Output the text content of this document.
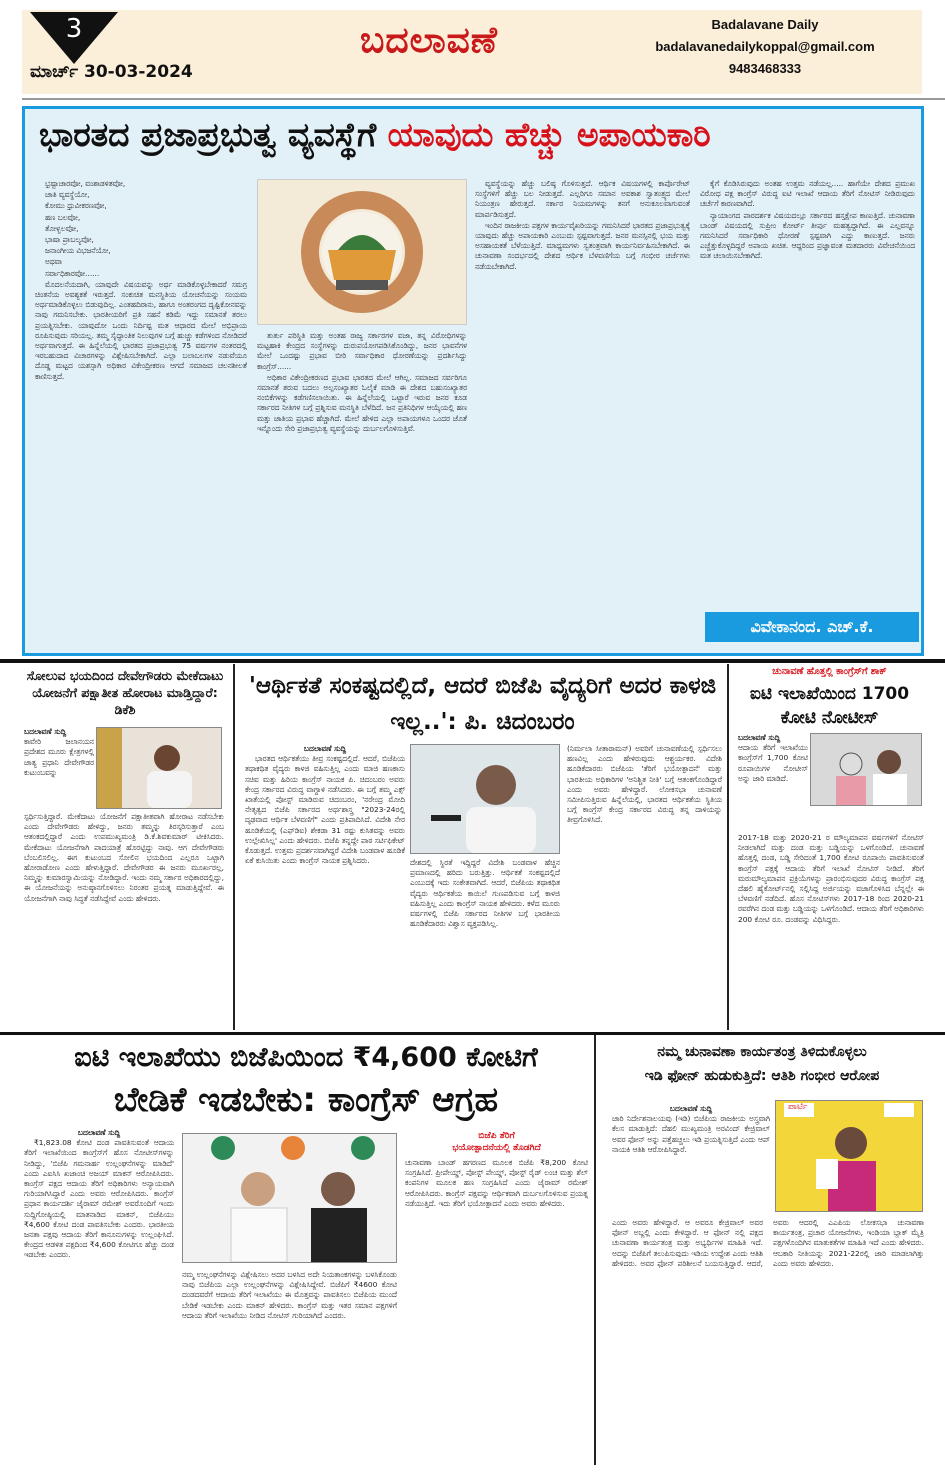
3
ಮಾರ್ಚ್ 30-03-2024
ಬದಲಾವಣೆ	Badalavane Daily
badalavanedailykoppal@gmail.com
9483468333
ಭಾರತದ ಪ್ರಜಾಪ್ರಭುತ್ವ ವ್ಯವಸ್ಥೆಗೆ ಯಾವುದು ಹೆಚ್ಚು ಅಪಾಯಕಾರಿ

ಭ್ರಷ್ಟಾಚಾರವೋ, ವಂಶಾಡಳಿತವೋ,

ಜಾತಿ ವ್ಯವಸ್ಥೆಯೋ,

ಕೋಮು ಧ್ರುವೀಕರಣವೋ,

ಹಣ ಬಲವೋ,

ತೋಳ್ಬಲವೋ,

ಭಾಷಾ ಪ್ರಾಬಲ್ಯವೋ,

ಜನಾಂಗೀಯ ವಿಭಜನೆಯೋ,

ಅಥವಾ

ಸರ್ವಾಧಿಕಾರವೋ......

ಮೊದಲನೆಯದಾಗಿ, ಯಾವುದೇ ವಿಷಯವನ್ನು ಅರ್ಥ ಮಾಡಿಕೊಳ್ಳಬೇಕಾದರೆ ಸಮಗ್ರ ಚಿಂತನೆಯ ಅವಶ್ಯಕತೆ ಇರುತ್ತದೆ. ಸಂಕುಚಿತ ಮನಸ್ಥಿತಿಯ ಯೋಚನೆಯನ್ನು ಸಂಯಮ ಅರ್ಥಮಾಡಿಕೊಳ್ಳಲು ಬಿಡುವುದಿಲ್ಲ. ಎಂತಹದಿರಾನು, ಹಾಗೂ ಅಂತರಂಗದ ದೃಷ್ಟಿಕೋನವನ್ನು ನಾವು ಗಮನಿಸಬೇಕು. ಭಾರತೀಯರಿಗೆ ಪ್ರತಿ ಸಹನೆ ಕಡಿಮೆ ಇದ್ದು ಸಮಾನತೆ ತರಲು ಪ್ರಯತ್ನಿಸಬೇಕು. ಯಾವುದೋ ಒಂದು ನಿರ್ದಿಷ್ಟ ಮತ ಆಧಾರದ ಮೇಲೆ ಅಭಿಪ್ರಾಯ ರೂಪಿಸುವುದು ಸರಿಯಲ್ಲ. ತಮ್ಮ ಸೈದ್ಧಾಂತಿಕ ನಿಲುವುಗಳ ಬಗ್ಗೆ ಹುಚ್ಚು ಕಡೆಗಳಿಂದ ನೋಡಿದರೆ ಅರ್ಥವಾಗುತ್ತದೆ. ಈ ಹಿನ್ನೆಲೆಯಲ್ಲಿ ಭಾರತದ ಪ್ರಜಾಪ್ರಭುತ್ವ 75 ವರ್ಷಗಳ ನಂತರದಲ್ಲಿ ಇರಬಹುದಾದ ವಿಚಾರಗಳನ್ನು ವಿಶ್ಲೇಷಿಸಬೇಕಾಗಿದೆ. ಎಲ್ಲಾ ಬಲಾಬಲಗಳ ನಡುವೆಯೂ ದೊಡ್ಡ ಮಟ್ಟದ ಯಶಸ್ಸಾಗಿ ಅಧಿಕಾರ ವಿಕೇಂದ್ರೀಕರಣ ಆಗದೆ ಸಮಾಜದ ಚಲನಶೀಲತೆ ಕಾಣಿಸುತ್ತದೆ.

ತುರ್ತು ಪರಿಸ್ಥಿತಿ ಮತ್ತು ಅಂತಹ ರಾಜ್ಯ ಸರ್ಕಾರಗಳ ವಜಾ, ತನ್ನ ವಿರೋಧಿಗಳನ್ನು ಮಟ್ಟಹಾಕಿ ಕೇಂದ್ರದ ಸಂಸ್ಥೆಗಳನ್ನು ದುರುಪಯೋಗಪಡಿಸಿಕೊಂಡಿದ್ದು, ಜನರ ಭಾವನೆಗಳ ಮೇಲೆ ಒಂದಷ್ಟು ಪ್ರಭಾವ ಬೀರಿ ಸರ್ವಾಧಿಕಾರ ಧೋರಣೆಯನ್ನು ಪ್ರದರ್ಶಿಸಿದ್ದು ಕಾಂಗ್ರೆಸ್......

ಅಧಿಕಾರ ವಿಕೇಂದ್ರೀಕರಣದ ಪ್ರಭಾವ ಭಾರತದ ಮೇಲೆ ಆಗಿಲ್ಲ. ಸಮಾಜದ ಸರ್ವರಿಗೂ ಸಮಾನತೆ ತರುವ ಬದಲು ಅಲ್ಪಸಂಖ್ಯಾತರ ಓಲೈಕೆ ಮಾಡಿ ಈ ದೇಶದ ಬಹುಸಂಖ್ಯಾತರ ನಂಬಿಕೆಗಳನ್ನು ಕಡೆಗಣಿಸಲಾಯಿತು. ಈ ಹಿನ್ನೆಲೆಯಲ್ಲಿ ಒಟ್ಟಾರೆ ಇರುವ ಜನರ ಕೂಡ ಸರ್ಕಾರದ ನೀತಿಗಳ ಬಗ್ಗೆ ಪ್ರಶ್ನಿಸುವ ಮನಸ್ಥಿತಿ ಬೆಳೆದಿದೆ. ಜನ ಪ್ರತಿನಿಧಿಗಳ ಆಯ್ಕೆಯಲ್ಲಿ ಹಣ ಮತ್ತು ಜಾತಿಯ ಪ್ರಭಾವ ಹೆಚ್ಚಾಗಿದೆ. ಮೇಲೆ ಹೇಳಿದ ಎಲ್ಲಾ ಅಪಾಯಗಳೂ ಒಂದರ ಜೊತೆ ಇನ್ನೊಂದು ಸೇರಿ ಪ್ರಜಾಪ್ರಭುತ್ವ ವ್ಯವಸ್ಥೆಯನ್ನು ದುರ್ಬಲಗೊಳಿಸುತ್ತಿವೆ.

ವ್ಯವಸ್ಥೆಯನ್ನು ಹೆಚ್ಚು ಬಲಿಷ್ಠ ಗೊಳಿಸುತ್ತದೆ. ಆರ್ಥಿಕ ವಿಷಯಗಳಲ್ಲಿ ಕಾರ್ಪೊರೇಟ್ ಸಂಸ್ಥೆಗಳಿಗೆ ಹೆಚ್ಚು ಬಲ ನೀಡುತ್ತದೆ. ಎಲ್ಲರಿಗೂ ಸಮಾನ ಅವಕಾಶ ಸ್ವಾತಂತ್ರ್ಯದ ಮೇಲೆ ನಿಯಂತ್ರಣ ಹೇರುತ್ತದೆ. ಸರ್ಕಾರ ನಿಯಮಗಳನ್ನು ತನಗೆ ಅನುಕೂಲವಾಗುವಂತೆ ಮಾರ್ಪಡಿಸುತ್ತದೆ.

ಇಂದಿನ ರಾಜಕೀಯ ಪಕ್ಷಗಳ ಕಾರ್ಯವೈಖರಿಯನ್ನು ಗಮನಿಸಿದರೆ ಭಾರತದ ಪ್ರಜಾಪ್ರಭುತ್ವಕ್ಕೆ ಯಾವುದು ಹೆಚ್ಚು ಅಪಾಯಕಾರಿ ಎಂಬುದು ಸ್ಪಷ್ಟವಾಗುತ್ತದೆ. ಜನರ ಮನಸ್ಸಿನಲ್ಲಿ ಭಯ ಮತ್ತು ಅಸಹಾಯಕತೆ ಬೆಳೆಯುತ್ತಿದೆ. ಮಾಧ್ಯಮಗಳು ಸ್ವತಂತ್ರವಾಗಿ ಕಾರ್ಯನಿರ್ವಹಿಸಬೇಕಾಗಿದೆ. ಈ ಚುನಾವಣಾ ಸಂದರ್ಭದಲ್ಲಿ ದೇಶದ ಆರ್ಥಿಕ ಬೆಳವಣಿಗೆಯ ಬಗ್ಗೆ ಗಂಭೀರ ಚರ್ಚೆಗಳು ನಡೆಯಬೇಕಾಗಿದೆ.

ಕೈಗೆ ಕೊಡಿಸಿರುವುದು ಅಂತಹ ಉತ್ತಮ ನಡೆಯಲ್ಲ..... ಹಾಗೆಯೇ ದೇಶದ ಪ್ರಮುಖ ವಿರೋಧ ಪಕ್ಷ ಕಾಂಗ್ರೆಸ್ ವಿರುದ್ಧ ಐಟಿ ಇಲಾಖೆ ಆದಾಯ ತೆರಿಗೆ ನೋಟಿಸ್ ನೀಡಿರುವುದು ಚರ್ಚೆಗೆ ಕಾರಣವಾಗಿದೆ.

ನ್ಯಾಯಾಂಗದ ಪಾರದರ್ಶಕ ವಿಷಯದಲ್ಲೂ ಸರ್ಕಾರದ ಹಸ್ತಕ್ಷೇಪ ಕಾಣುತ್ತಿದೆ. ಚುನಾವಣಾ ಬಾಂಡ್ ವಿಷಯದಲ್ಲಿ ಸುಪ್ರೀಂ ಕೋರ್ಟ್ ತೀರ್ಪು ಮಹತ್ವದ್ದಾಗಿದೆ. ಈ ಎಲ್ಲವನ್ನೂ ಗಮನಿಸಿದರೆ ಸರ್ವಾಧಿಕಾರಿ ಧೋರಣೆ ಸ್ಪಷ್ಟವಾಗಿ ಎದ್ದು ಕಾಣುತ್ತದೆ. ಜನರು ಎಚ್ಚೆತ್ತುಕೊಳ್ಳದಿದ್ದರೆ ಅಪಾಯ ಖಚಿತ. ಆದ್ದರಿಂದ ಪ್ರಜ್ಞಾವಂತ ಮತದಾರರು ವಿವೇಚನೆಯಿಂದ ಮತ ಚಲಾಯಿಸಬೇಕಾಗಿದೆ.

ವಿವೇಕಾನಂದ. ಎಚ್.ಕೆ.
ಸೋಲುವ ಭಯದಿಂದ ದೇವೇಗೌಡರು ಮೇಕೆದಾಟು ಯೋಜನೆಗೆ ಪಕ್ಷಾತೀತ ಹೋರಾಟ ಮಾಡ್ತಿದ್ದಾರೆ: ಡಿಕೆಶಿ
ಬದಲಾವಣೆ ಸುದ್ದಿ
ಕಾವೇರಿ ಜಲಾನಯನ ಪ್ರದೇಶದ ಮೂರು ಕ್ಷೇತ್ರಗಳಲ್ಲಿ ಜಾತ್ಯ ಪ್ರಧಾನಿ ದೇವೇಗೌಡರ ಕುಟುಂಬವನ್ನು
ಸ್ಪರ್ಧಿಸುತ್ತಿದ್ದಾರೆ. ಮೇಕೆದಾಟು ಯೋಜನೆಗೆ ಪಕ್ಷಾತೀತವಾಗಿ ಹೋರಾಟ ನಡೆಸಬೇಕು ಎಂದು ದೇವೇಗೌಡರು ಹೇಳಿದ್ದು, ಜನರು ತಮ್ಮನ್ನು ತಿರಸ್ಕರಿಸುತ್ತಾರೆ ಎಂಬ ಆತಂಕದಲ್ಲಿದ್ದಾರೆ ಎಂದು ಉಪಮುಖ್ಯಮಂತ್ರಿ ಡಿ.ಕೆ.ಶಿವಕುಮಾರ್ ಟೀಕಿಸಿದರು. ಮೇಕೆದಾಟು ಯೋಜನೆಗಾಗಿ ಪಾದಯಾತ್ರೆ ಹೊರಟ್ಟಿದ್ದು ನಾವು. ಆಗ ದೇವೇಗೌಡರು ಬೆಂಬಲಿಸಲಿಲ್ಲ. ಈಗ ಕುಟುಂಬದ ಸೋಲಿನ ಭಯದಿಂದ ಎಲ್ಲರೂ ಒಟ್ಟಾಗಿ ಹೋರಾಡೋಣ ಎಂದು ಹೇಳುತ್ತಿದ್ದಾರೆ. ದೇವೇಗೌಡರ ಈ ಜನರು ಮೂರ್ಖರಲ್ಲ, ನಿಮ್ಮನ್ನು ಕುಮಾರಸ್ವಾಮಿಯನ್ನು ನೋಡಿದ್ದಾರೆ. ಇಂದು ನಮ್ಮ ಸರ್ಕಾರ ಅಧಿಕಾರದಲ್ಲಿದ್ದು, ಈ ಯೋಜನೆಯನ್ನು ಅನುಷ್ಠಾನಗೊಳಿಸಲು ನಿರಂತರ ಪ್ರಯತ್ನ ಮಾಡುತ್ತಿದ್ದೇವೆ. ಈ ಯೋಜನೆಗಾಗಿ ನಾವು ಸಿದ್ಧತೆ ನಡೆಸಿದ್ದೇವೆ ಎಂದು ಹೇಳಿದರು.
'ಆರ್ಥಿಕತೆ ಸಂಕಷ್ಟದಲ್ಲಿದೆ, ಆದರೆ ಬಿಜೆಪಿ ವೈದ್ಯರಿಗೆ ಅದರ ಕಾಳಜಿ ಇಲ್ಲ..': ಪಿ. ಚಿದಂಬರಂ
ಬದಲಾವಣೆ ಸುದ್ದಿ

ಭಾರತದ ಆರ್ಥಿಕತೆಯು ತೀವ್ರ ಸಂಕಷ್ಟದಲ್ಲಿದೆ. ಆದರೆ, ಬಿಜೆಪಿಯ ತಥಾಕಥಿತ ವೈದ್ಯರು ಕಾಳಜಿ ವಹಿಸುತ್ತಿಲ್ಲ ಎಂದು ಮಾಜಿ ಹಣಕಾಸು ಸಚಿವ ಮತ್ತು ಹಿರಿಯ ಕಾಂಗ್ರೆಸ್ ನಾಯಕ ಪಿ. ಚಿದಂಬರಂ ಅವರು ಕೇಂದ್ರ ಸರ್ಕಾರದ ವಿರುದ್ಧ ವಾಗ್ದಾಳಿ ನಡೆಸಿದರು. ಈ ಬಗ್ಗೆ ತಮ್ಮ ಎಕ್ಸ್ ಖಾತೆಯಲ್ಲಿ ಪೋಸ್ಟ್ ಮಾಡಿರುವ ಚಿದಂಬರಂ, 'ನರೇಂದ್ರ ಮೋದಿ ನೇತೃತ್ವದ ಬಿಜೆಪಿ ಸರ್ಕಾರದ ಅರ್ಥಶಾಸ್ತ್ರ "2023-24ರಲ್ಲಿ ದೃಢವಾದ ಆರ್ಥಿಕ ಬೆಳವಣಿಗೆ" ಎಂದು ಪ್ರತಿಪಾದಿಸಿದೆ. ವಿದೇಶಿ ನೇರ ಹೂಡಿಕೆಯಲ್ಲಿ (ಎಫ್‌ಡಿಐ) ಶೇಕಡಾ 31 ರಷ್ಟು ಕುಸಿತವನ್ನು ಅವರು ಉಲ್ಲೇಖಿಸಿಲ್ಲ' ಎಂದು ಹೇಳಿದರು. ಬಿಜೆಪಿ ತನ್ನದ್ದೇ ಪಾಠ ಸರ್ಟಿಫಿಕೇಟ್ ಕೊಡುತ್ತದೆ. ಉತ್ತಮ ಪ್ರದರ್ಶನವಾಗಿದ್ದರೆ ವಿದೇಶಿ ಬಂಡವಾಳ ಹೂಡಿಕೆ ಏಕೆ ಕುಸಿಯಿತು ಎಂದು ಕಾಂಗ್ರೆಸ್ ನಾಯಕ ಪ್ರಶ್ನಿಸಿದರು.	ದೇಶದಲ್ಲಿ ಸ್ಥಿರತೆ ಇದ್ದಿದ್ದರೆ ವಿದೇಶಿ ಬಂಡವಾಳ ಹೆಚ್ಚಿನ ಪ್ರಮಾಣದಲ್ಲಿ ಹರಿದು ಬರುತ್ತಿತ್ತು. ಆರ್ಥಿಕತೆ ಸಂಕಷ್ಟದಲ್ಲಿದೆ ಎಂಬುದಕ್ಕೆ ಇದು ಸಂಕೇತವಾಗಿದೆ. ಆದರೆ, ಬಿಜೆಪಿಯ ತಥಾಕಥಿತ ವೈದ್ಯರು ಆರ್ಥಿಕತೆಯ ಕಾಯಿಲೆ ಗುಣಪಡಿಸುವ ಬಗ್ಗೆ ಕಾಳಜಿ ವಹಿಸುತ್ತಿಲ್ಲ ಎಂದು ಕಾಂಗ್ರೆಸ್ ನಾಯಕ ಹೇಳಿದರು. ಕಳೆದ ಮೂರು ವರ್ಷಗಳಲ್ಲಿ ಬಿಜೆಪಿ ಸರ್ಕಾರದ ನೀತಿಗಳ ಬಗ್ಗೆ ಭಾರತೀಯ ಹೂಡಿಕೆದಾರರು ವಿಶ್ವಾಸ ವ್ಯಕ್ತಪಡಿಸಿಲ್ಲ.
(ನಿರ್ಮಲಾ ಸೀತಾರಾಮನ್) ಅವರಿಗೆ ಚುನಾವಣೆಯಲ್ಲಿ ಸ್ಪರ್ಧಿಸಲು ಹಣವಿಲ್ಲ ಎಂದು ಹೇಳಿರುವುದು ಆಶ್ಚರ್ಯಕರ. ವಿದೇಶಿ ಹೂಡಿಕೆದಾರರು ಬಿಜೆಪಿಯ 'ತೆರಿಗೆ ಭಯೋತ್ಪಾದನೆ' ಮತ್ತು ಭಾರತೀಯ ಅಧಿಕಾರಿಗಳ 'ಅನಿಶ್ಚಿತ ನೀತಿ' ಬಗ್ಗೆ ಆತಂಕಗೊಂಡಿದ್ದಾರೆ ಎಂದು ಅವರು ಹೇಳಿದ್ದಾರೆ. ಲೋಕಸಭಾ ಚುನಾವಣೆ ಸಮೀಪಿಸುತ್ತಿರುವ ಹಿನ್ನೆಲೆಯಲ್ಲಿ, ಭಾರತದ ಆರ್ಥಿಕತೆಯ ಸ್ಥಿತಿಯ ಬಗ್ಗೆ ಕಾಂಗ್ರೆಸ್ ಕೇಂದ್ರ ಸರ್ಕಾರದ ವಿರುದ್ಧ ತನ್ನ ದಾಳಿಯನ್ನು ತೀವ್ರಗೊಳಿಸಿದೆ.
ಚುನಾವಣೆ ಹೊತ್ತಲ್ಲಿ ಕಾಂಗ್ರೆಸ್‌ಗೆ ಶಾಕ್
ಐಟಿ ಇಲಾಖೆಯಿಂದ 1700 ಕೋಟಿ ನೋಟೀಸ್
ಬದಲಾವಣೆ ಸುದ್ದಿ
ಆದಾಯ ತೆರಿಗೆ ಇಲಾಖೆಯು ಕಾಂಗ್ರೆಸ್‌ಗೆ 1,700 ಕೋಟಿ ರೂಪಾಯಿಗಳ ನೋಟೀಸ್ ಅನ್ನು ಜಾರಿ ಮಾಡಿದೆ.
2017-18 ಮತ್ತು 2020-21 ರ ಮೌಲ್ಯಮಾಪನ ವರ್ಷಗಳಿಗೆ ನೋಟಿಸ್ ನೀಡಲಾಗಿದೆ ಮತ್ತು ದಂಡ ಮತ್ತು ಬಡ್ಡಿಯನ್ನು ಒಳಗೊಂಡಿದೆ. ಚುನಾವಣೆ ಹೊತ್ತಲ್ಲಿ ದಂಡ, ಬಡ್ಡಿ ಸೇರಿದಂತೆ 1,700 ಕೋಟಿ ರೂಪಾಯಿ ಪಾವತಿಸುವಂತೆ ಕಾಂಗ್ರೆಸ್ ಪಕ್ಷಕ್ಕೆ ಆದಾಯ ತೆರಿಗೆ ಇಲಾಖೆ ನೋಟಿಸ್ ನೀಡಿದೆ. ತೆರಿಗೆ ಮರುಮೌಲ್ಯಮಾಪನ ಪ್ರಕ್ರಿಯೆಗಳನ್ನು ಪ್ರಾರಂಭಿಸುವುದರ ವಿರುದ್ಧ ಕಾಂಗ್ರೆಸ್ ಪಕ್ಷ ದೆಹಲಿ ಹೈಕೋರ್ಟ್‌ನಲ್ಲಿ ಸಲ್ಲಿಸಿದ್ದ ಅರ್ಜಿಯನ್ನು ವಜಾಗೊಳಿಸಿದ ಬೆನ್ನಲ್ಲೇ ಈ ಬೆಳವಣಿಗೆ ನಡೆದಿದೆ. ಹೊಸ ನೋಟಿಸ್‌ಗಳು 2017-18 ರಿಂದ 2020-21 ರವರೆಗಿನ ದಂಡ ಮತ್ತು ಬಡ್ಡಿಯನ್ನು ಒಳಗೊಂಡಿದೆ. ಆದಾಯ ತೆರಿಗೆ ಅಧಿಕಾರಿಗಳು 200 ಕೋಟಿ ರೂ. ದಂಡವನ್ನು ವಿಧಿಸಿದ್ದರು.
ಐಟಿ ಇಲಾಖೆಯು ಬಿಜೆಪಿಯಿಂದ ₹4,600 ಕೋಟಿಗೆ
ಬೇಡಿಕೆ ಇಡಬೇಕು: ಕಾಂಗ್ರೆಸ್ ಆಗ್ರಹ
ಬದಲಾವಣೆ ಸುದ್ದಿ

₹1,823.08 ಕೋಟಿ ದಂಡ ಪಾವತಿಸುವಂತೆ ಆದಾಯ ತೆರಿಗೆ ಇಲಾಖೆಯಿಂದ ಕಾಂಗ್ರೆಸ್‌ಗೆ ಹೊಸ ನೋಟೀಸ್‌ಗಳನ್ನು ನೀಡಿದ್ದು, 'ಬಿಜೆಪಿ ಗಮನಾರ್ಹ ಉಲ್ಲಂಘನೆಗಳನ್ನು ಮಾಡಿದೆ' ಎಂದು ಎಐಸಿಸಿ ಖಜಾಂಚಿ ಅಜಯ್ ಮಾಕನ್ ಆರೋಪಿಸಿದರು. ಕಾಂಗ್ರೆಸ್ ಪಕ್ಷದ ಆದಾಯ ತೆರಿಗೆ ಅಧಿಕಾರಿಗಳು ಅನ್ಯಾಯವಾಗಿ ಗುರಿಯಾಗಿಸಿದ್ದಾರೆ ಎಂದು ಅವರು ಆರೋಪಿಸಿದರು. ಕಾಂಗ್ರೆಸ್ ಪ್ರಧಾನ ಕಾರ್ಯದರ್ಶಿ ಜೈರಾಮ್ ರಮೇಶ್ ಅವರೊಂದಿಗೆ ಇಂದು ಸುದ್ದಿಗೋಷ್ಠಿಯಲ್ಲಿ ಮಾತನಾಡಿದ ಮಾಕನ್, ಬಿಜೆಪಿಯು ₹4,600 ಕೋಟಿ ದಂಡ ಪಾವತಿಸಬೇಕು ಎಂದರು. ಭಾರತೀಯ ಜನತಾ ಪಕ್ಷವು ಆದಾಯ ತೆರಿಗೆ ಕಾನೂನುಗಳನ್ನು ಉಲ್ಲಂಘಿಸಿದೆ. ಕೇಂದ್ರದ ಆಡಳಿತ ಪಕ್ಷದಿಂದ ₹4,600 ಕೋಟಿಗೂ ಹೆಚ್ಚು ದಂಡ ಇಡಬೇಕು ಎಂದರು.

ನಮ್ಮ ಉಲ್ಲಂಘನೆಗಳನ್ನು ವಿಶ್ಲೇಷಿಸಲು ಅದರ ಬಳಸಿದ ಅದೇ ನಿಯತಾಂಕಗಳನ್ನು ಬಳಸಿಕೊಂಡು ನಾವು ಬಿಜೆಪಿಯ ಎಲ್ಲಾ ಉಲ್ಲಂಘನೆಗಳನ್ನು ವಿಶ್ಲೇಷಿಸಿದ್ದೇವೆ. ಬಿಜೆಪಿಗೆ ₹4600 ಕೋಟಿ ದಂಡದವರೆಗೆ ಆದಾಯ ತೆರಿಗೆ ಇಲಾಖೆಯು ಈ ಮೊತ್ತವನ್ನು ಪಾವತಿಸಲು ಬಿಜೆಪಿಯ ಮುಂದೆ ಬೇಡಿಕೆ ಇಡಬೇಕು ಎಂದು ಮಾಕನ್ ಹೇಳಿದರು. ಕಾಂಗ್ರೆಸ್ ಮತ್ತು ಇತರ ಸಮಾನ ಪಕ್ಷಗಳಿಗೆ ಆದಾಯ ತೆರಿಗೆ ಇಲಾಖೆಯು ನೀಡಿದ ನೋಟಿಸ್ ಗುರಿಯಾಗಿದೆ ಎಂದರು.
ಬಿಜೆಪಿ ತೆರಿಗೆ
ಭಯೋತ್ಪಾದನೆಯಲ್ಲಿ ತೊಡಗಿದೆ
ಚುನಾವಣಾ ಬಾಂಡ್ ಹಗರಣದ ಮೂಲಕ ಬಿಜೆಪಿ ₹8,200 ಕೋಟಿ ಸಂಗ್ರಹಿಸಿದೆ. ಪ್ರೀಪೇಯ್ಡ್, ಪೋಸ್ಟ್ ಪೇಯ್ಡ್, ಪೋಸ್ಟ್ ರೈಡ್ ಲಂಚ ಮತ್ತು ಶೆಲ್ ಕಂಪನಿಗಳ ಮೂಲಕ ಹಣ ಸಂಗ್ರಹಿಸಿದೆ ಎಂದು ಜೈರಾಮ್ ರಮೇಶ್ ಆರೋಪಿಸಿದರು. ಕಾಂಗ್ರೆಸ್ ಪಕ್ಷವನ್ನು ಆರ್ಥಿಕವಾಗಿ ದುರ್ಬಲಗೊಳಿಸುವ ಪ್ರಯತ್ನ ನಡೆಯುತ್ತಿದೆ. ಇದು ತೆರಿಗೆ ಭಯೋತ್ಪಾದನೆ ಎಂದು ಅವರು ಹೇಳಿದರು.
ನಮ್ಮ ಚುನಾವಣಾ ಕಾರ್ಯತಂತ್ರ ತಿಳಿದುಕೊಳ್ಳಲು
ಇಡಿ ಫೋನ್ ಹುಡುಕುತ್ತಿದೆ: ಆತಿಶಿ ಗಂಭೀರ ಆರೋಪ
ಬದಲಾವಣೆ ಸುದ್ದಿ
ಜಾರಿ ನಿರ್ದೇಶನಾಲಯವು (ಇಡಿ) ಬಿಜೆಪಿಯ ರಾಜಕೀಯ ಅಸ್ತ್ರವಾಗಿ ಕೆಲಸ ಮಾಡುತ್ತಿದೆ: ದೆಹಲಿ ಮುಖ್ಯಮಂತ್ರಿ ಅರವಿಂದ್ ಕೇಜ್ರಿವಾಲ್ ಅವರ ಫೋನ್ ಅನ್ನು ಪತ್ತೆಹಚ್ಚಲು ಇಡಿ ಪ್ರಯತ್ನಿಸುತ್ತಿದೆ ಎಂದು ಆಪ್ ನಾಯಕಿ ಆತಿಶಿ ಆರೋಪಿಸಿದ್ದಾರೆ.
ಪಾರ್ಟಿ
ಎಂದು ಅವರು ಹೇಳಿದ್ದಾರೆ. ಆ ಅವರೂ ಕೇಜ್ರಿವಾಲ್ ಅವರ ಫೋನ್ ಅಬ್ದಲ್ಲಿ ಎಂದು ಕೇಳಿದ್ದಾರೆ. ಆ ಫೋನ್ ನಲ್ಲಿ ಪಕ್ಷದ ಚುನಾವಣಾ ಕಾರ್ಯತಂತ್ರ ಮತ್ತು ಅಭ್ಯರ್ಥಿಗಳ ಮಾಹಿತಿ ಇದೆ. ಅದನ್ನು ಬಿಜೆಪಿಗೆ ತಲುಪಿಸುವುದು ಇಡಿಯ ಉದ್ದೇಶ ಎಂದು ಆತಿಶಿ ಹೇಳಿದರು. ಅವರ ಫೋನ್ ಪರಿಶೀಲನೆ ಬಯಸುತ್ತಿದ್ದಾರೆ. ಆದರೆ, ಅವರು ಆದರಲ್ಲಿ ಎಎಪಿಯ ಲೋಕಸಭಾ ಚುನಾವಣಾ ಕಾರ್ಯತಂತ್ರ, ಪ್ರಚಾರ ಯೋಜನೆಗಳು, ಇಂಡಿಯಾ ಬ್ಲಾಕ್ ಮೈತ್ರಿ ಪಕ್ಷಗಳೊಂದಿಗಿನ ಮಾತುಕತೆಗಳ ಮಾಹಿತಿ ಇದೆ ಎಂದು ಹೇಳಿದರು. ಆಬಕಾರಿ ನೀತಿಯನ್ನು 2021-22ರಲ್ಲಿ ಜಾರಿ ಮಾಡಲಾಗಿತ್ತು ಎಂದು ಅವರು ಹೇಳಿದರು.
